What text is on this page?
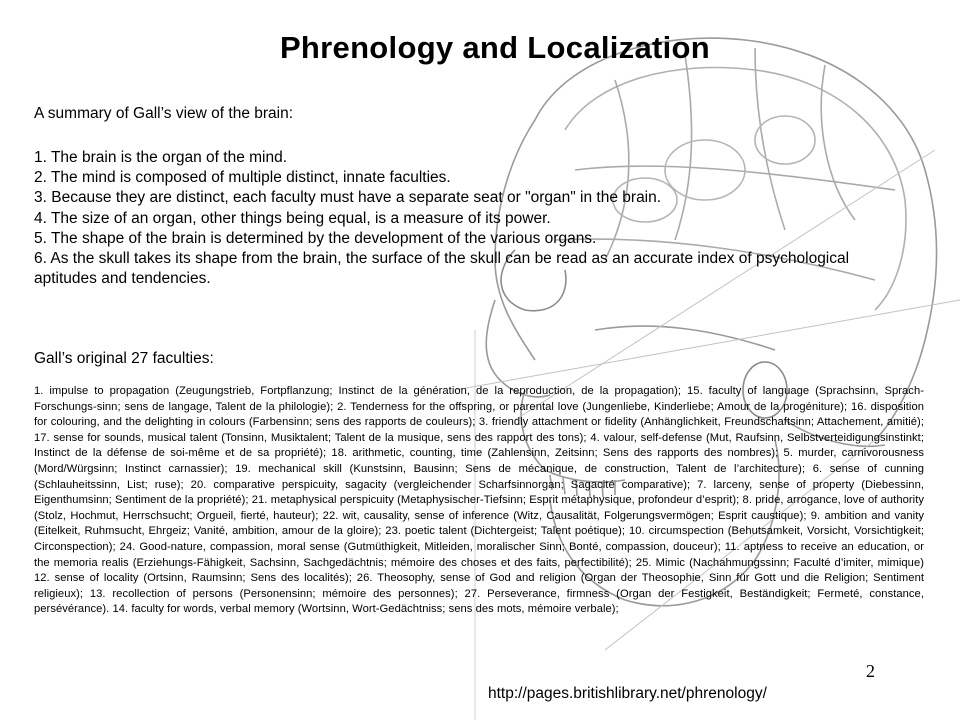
Phrenology and Localization
A summary of Gall’s view of the brain:
1. The brain is the organ of the mind.
2. The mind is composed of multiple distinct, innate faculties.
3. Because they are distinct, each faculty must have a separate seat or "organ" in the brain.
4. The size of an organ, other things being equal, is a measure of its power.
5. The shape of the brain is determined by the development of the various organs.
6. As the skull takes its shape from the brain, the surface of the skull can be read as an accurate index of psychological aptitudes and tendencies.
Gall’s original 27 faculties:
1. impulse to propagation (Zeugungstrieb, Fortpflanzung; Instinct de la génération, de la reproduction, de la propagation); 15. faculty of language (Sprachsinn, Sprach-Forschungs-sinn; sens de langage, Talent de la philologie); 2. Tenderness for the offspring, or parental love (Jungenliebe, Kinderliebe; Amour de la progéniture); 16. disposition for colouring, and the delighting in colours (Farbensinn; sens des rapports de couleurs); 3. friendly attachment or fidelity (Anhänglichkeit, Freundschaftsinn; Attachement, amitié); 17. sense for sounds, musical talent (Tonsinn, Musiktalent; Talent de la musique, sens des rapport des tons); 4. valour, self-defense (Mut, Raufsinn, Selbstverteidigungsinstinkt; Instinct de la défense de soi-même et de sa propriété); 18. arithmetic, counting, time (Zahlensinn, Zeitsinn; Sens des rapports des nombres); 5. murder, carnivorousness (Mord/Würgsinn; Instinct carnassier); 19. mechanical skill (Kunstsinn, Bausinn; Sens de mécanique, de construction, Talent de l’architecture); 6. sense of cunning (Schlauheitssinn, List; ruse); 20. comparative perspicuity, sagacity (vergleichender Scharfsinnorgan; Sagacité comparative); 7. larceny, sense of property (Diebessinn, Eigenthumsinn; Sentiment de la propriété); 21. metaphysical perspicuity (Metaphysischer-Tiefsinn; Esprit métaphysique, profondeur d’esprit); 8. pride, arrogance, love of authority (Stolz, Hochmut, Herrschsucht; Orgueil, fierté, hauteur); 22. wit, causality, sense of inference (Witz, Causalität, Folgerungsvermögen; Esprit caustique); 9. ambition and vanity (Eitelkeit, Ruhmsucht, Ehrgeiz; Vanité, ambition, amour de la gloire); 23. poetic talent (Dichtergeist; Talent poétique); 10. circumspection (Behutsamkeit, Vorsicht, Vorsichtigkeit; Circonspection); 24. Good-nature, compassion, moral sense (Gutmüthigkeit, Mitleiden, moralischer Sinn; Bonté, compassion, douceur); 11. aptness to receive an education, or the memoria realis (Erziehungs-Fähigkeit, Sachsinn, Sachgedächtnis; mémoire des choses et des faits, perfectibilité); 25. Mimic (Nachahmungssinn; Faculté d’imiter, mimique) 12. sense of locality (Ortsinn, Raumsinn; Sens des localités); 26. Theosophy, sense of God and religion (Organ der Theosophie, Sinn für Gott und die Religion; Sentiment religieux); 13. recollection of persons (Personensinn; mémoire des personnes); 27. Perseverance, firmness (Organ der Festigkeit, Beständigkeit; Fermeté, constance, persévérance). 14. faculty for words, verbal memory (Wortsinn, Wort-Gedächtniss; sens des mots, mémoire verbale);
2
http://pages.britishlibrary.net/phrenology/
